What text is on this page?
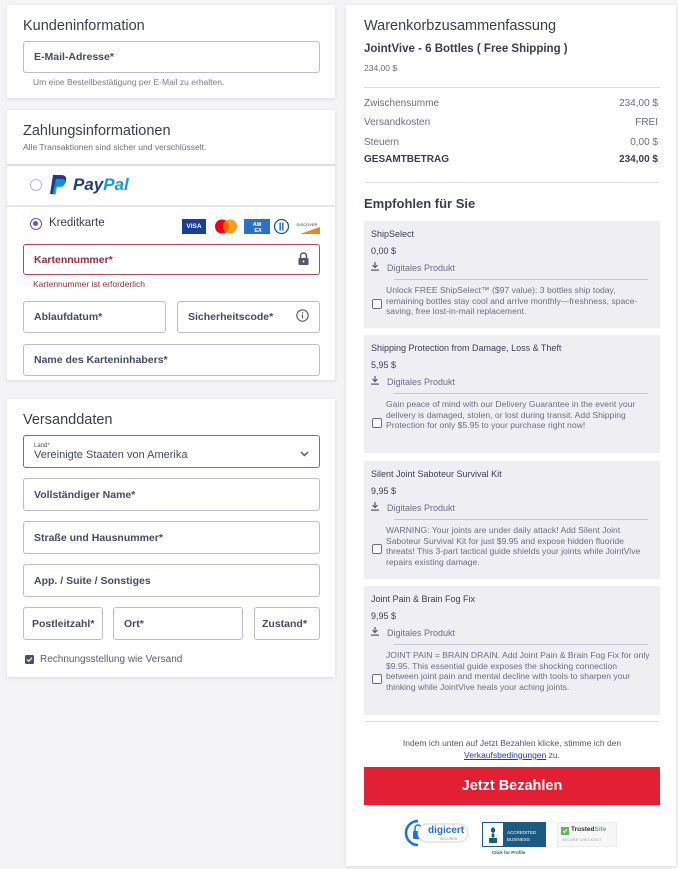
Kundeninformation
E-Mail-Adresse*
Um eine Bestellbestätigung per E-Mail zu erhalten.
Zahlungsinformationen
Alle Transaktionen sind sicher und verschlüsselt.
PayPal
Kreditkarte	VISA	AM
EX
DISCOVER
Kartennummer*
Kartennummer ist erforderlich
Ablaufdatum*	Sicherheitscode*
Name des Karteninhabers*
Versanddaten
Land*
Vereinigte Staaten von Amerika
Vollständiger Name*
Straße und Hausnummer*
App. / Suite / Sonstiges
Postleitzahl*	Ort*	Zustand*
Rechnungsstellung wie Versand
Warenkorbzusammenfassung
JointVive - 6 Bottles ( Free Shipping )
234,00 $
Zwischensumme	234,00 $
Versandkosten	FREI
Steuern	0,00 $
GESAMTBETRAG	234,00 $
Empfohlen für Sie
ShipSelect
0,00 $
Digitales Produkt
Unlock FREE ShipSelect™ ($97 value): 3 bottles ship today, remaining bottles stay cool and arrive monthly—freshness, space-saving, free lost-in-mail replacement.
Shipping Protection from Damage, Loss & Theft
5,95 $
Digitales Produkt
Gain peace of mind with our Delivery Guarantee in the event your delivery is damaged, stolen, or lost during transit. Add Shipping Protection for only $5.95 to your purchase right now!
Silent Joint Saboteur Survival Kit
9,95 $
Digitales Produkt
WARNING: Your joints are under daily attack! Add Silent Joint Saboteur Survival Kit for just $9.95 and expose hidden fluoride threats! This 3-part tactical guide shields your joints while JointVive repairs existing damage.
Joint Pain & Brain Fog Fix
9,95 $
Digitales Produkt
JOINT PAIN = BRAIN DRAIN. Add Joint Pain & Brain Fog Fix for only $9.95. This essential guide exposes the shocking connection between joint pain and mental decline with tools to sharpen your thinking while JointVive heals your aching joints.
Indem ich unten auf Jetzt Bezahlen klicke, stimme ich den
Verkaufsbedingungen zu.
Jetzt Bezahlen
digicert
SECURED
ACCREDITED
BUSINESS
Click for Profile
TrustedSite
SECURE CHECKOUT
